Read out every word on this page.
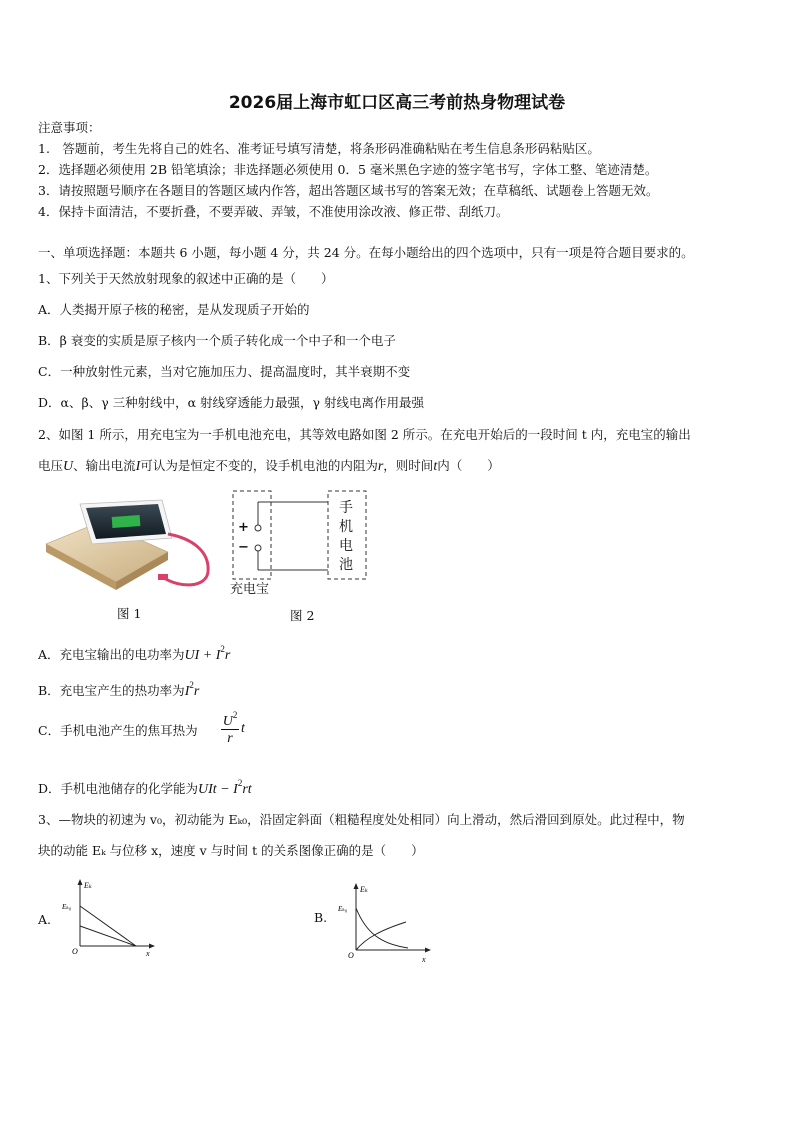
2026届上海市虹口区高三考前热身物理试卷
注意事项：
1.　答题前，考生先将自己的姓名、准考证号填写清楚，将条形码准确粘贴在考生信息条形码粘贴区。
2．选择题必须使用 2B 铅笔填涂；非选择题必须使用 0．5 毫米黑色字迹的签字笔书写，字体工整、笔迹清楚。
3．请按照题号顺序在各题目的答题区域内作答，超出答题区域书写的答案无效；在草稿纸、试题卷上答题无效。
4．保持卡面清洁，不要折叠，不要弄破、弄皱，不准使用涂改液、修正带、刮纸刀。
一、单项选择题：本题共 6 小题，每小题 4 分，共 24 分。在每小题给出的四个选项中，只有一项是符合题目要求的。
1、下列关于天然放射现象的叙述中正确的是（　　）
A．人类揭开原子核的秘密，是从发现质子开始的
B．β 衰变的实质是原子核内一个质子转化成一个中子和一个电子
C．一种放射性元素，当对它施加压力、提高温度时，其半衰期不变
D．α、β、γ 三种射线中，α 射线穿透能力最强，γ 射线电离作用最强
2、如图 1 所示，用充电宝为一手机电池充电，其等效电路如图 2 所示。在充电开始后的一段时间 t 内，充电宝的输出
电压U、输出电流I可认为是恒定不变的，设手机电池的内阻为r，则时间t内（　　）
图 1
+
−
手
机
电
池
充电宝
图 2
A．充电宝输出的电功率为UI + $I^2r$
B．充电宝产生的热功率为$I^2r$
C．手机电池产生的焦耳热为
$U^2$
r
t
D．手机电池储存的化学能为UIt − $I^2rt$
3、—物块的初速为 v₀，初动能为 Eₖ₀，沿固定斜面（粗糙程度处处相同）向上滑动，然后滑回到原处。此过程中，物
块的动能 Eₖ 与位移 x，速度 v 与时间 t 的关系图像正确的是（　　）
A.	B.
Eₖ
Eₖ₀
O	x
Eₖ
Eₖ₀
O	x
